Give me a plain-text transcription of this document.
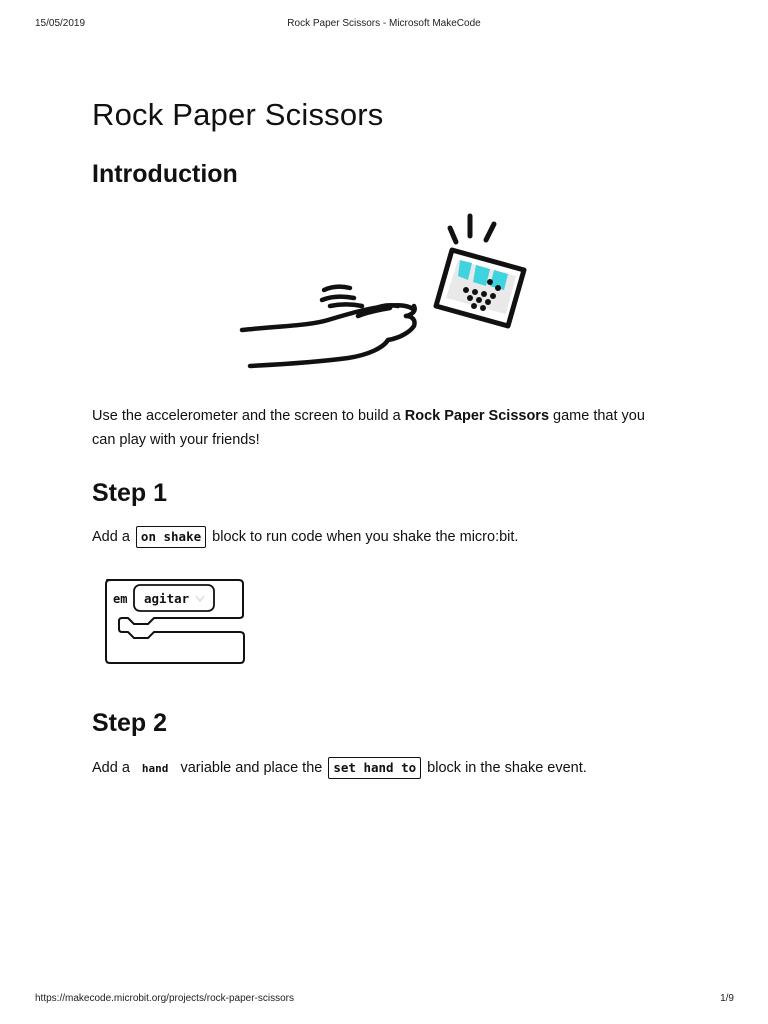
15/05/2019	Rock Paper Scissors - Microsoft MakeCode
Rock Paper Scissors
Introduction

Use the accelerometer and the screen to build a Rock Paper Scissors game that you can play with your friends!

Step 1

Add a on shake block to run code when you shake the micro:bit.

Step 2

Add a hand variable and place the set hand to block in the shake event.

em agitar
https://makecode.microbit.org/projects/rock-paper-scissors	1/9
